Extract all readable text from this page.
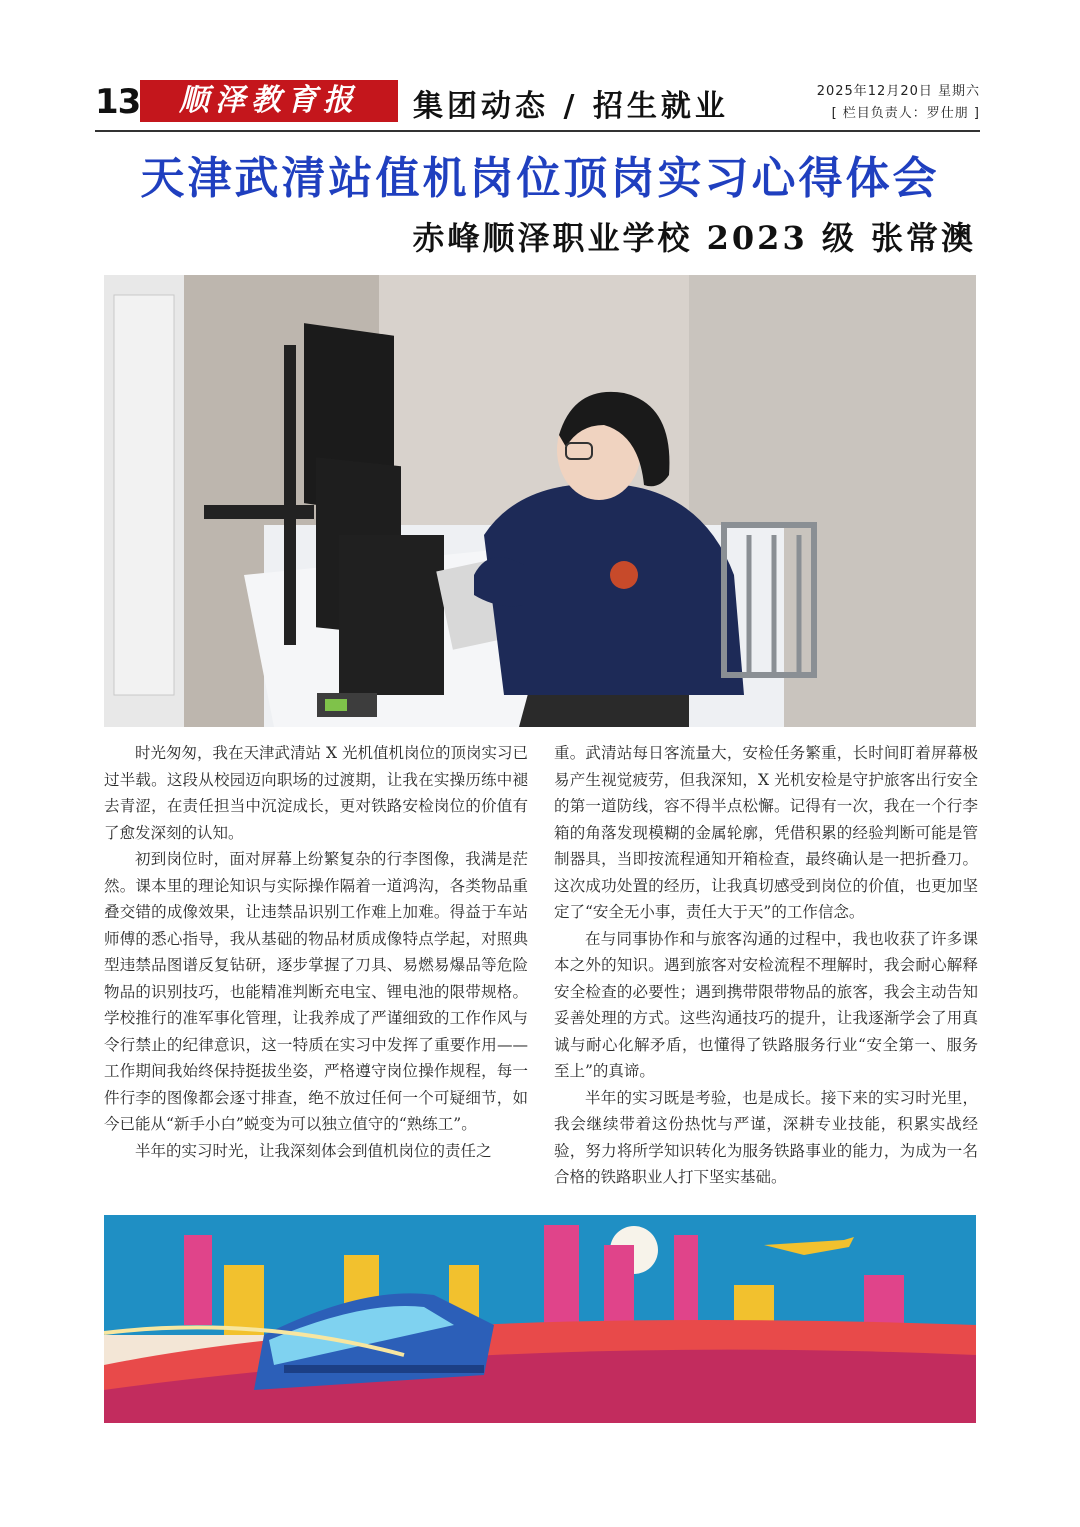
13	顺泽教育报	集团动态 / 招生就业	2025年12月20日 星期六
[ 栏目负责人：罗仕朋 ]
天津武清站值机岗位顶岗实习心得体会
赤峰顺泽职业学校 2023 级 张常澳

时光匆匆，我在天津武清站 X 光机值机岗位的顶岗实习已过半载。这段从校园迈向职场的过渡期，让我在实操历练中褪去青涩，在责任担当中沉淀成长，更对铁路安检岗位的价值有了愈发深刻的认知。

初到岗位时，面对屏幕上纷繁复杂的行李图像，我满是茫然。课本里的理论知识与实际操作隔着一道鸿沟，各类物品重叠交错的成像效果，让违禁品识别工作难上加难。得益于车站师傅的悉心指导，我从基础的物品材质成像特点学起，对照典型违禁品图谱反复钻研，逐步掌握了刀具、易燃易爆品等危险物品的识别技巧，也能精准判断充电宝、锂电池的限带规格。学校推行的准军事化管理，让我养成了严谨细致的工作作风与令行禁止的纪律意识，这一特质在实习中发挥了重要作用——工作期间我始终保持挺拔坐姿，严格遵守岗位操作规程，每一件行李的图像都会逐寸排查，绝不放过任何一个可疑细节，如今已能从“新手小白”蜕变为可以独立值守的“熟练工”。

半年的实习时光，让我深刻体会到值机岗位的责任之

重。武清站每日客流量大，安检任务繁重，长时间盯着屏幕极易产生视觉疲劳，但我深知，X 光机安检是守护旅客出行安全的第一道防线，容不得半点松懈。记得有一次，我在一个行李箱的角落发现模糊的金属轮廓，凭借积累的经验判断可能是管制器具，当即按流程通知开箱检查，最终确认是一把折叠刀。这次成功处置的经历，让我真切感受到岗位的价值，也更加坚定了“安全无小事，责任大于天”的工作信念。

在与同事协作和与旅客沟通的过程中，我也收获了许多课本之外的知识。遇到旅客对安检流程不理解时，我会耐心解释安全检查的必要性；遇到携带限带物品的旅客，我会主动告知妥善处理的方式。这些沟通技巧的提升，让我逐渐学会了用真诚与耐心化解矛盾，也懂得了铁路服务行业“安全第一、服务至上”的真谛。

半年的实习既是考验，也是成长。接下来的实习时光里，我会继续带着这份热忱与严谨，深耕专业技能，积累实战经验，努力将所学知识转化为服务铁路事业的能力，为成为一名合格的铁路职业人打下坚实基础。
